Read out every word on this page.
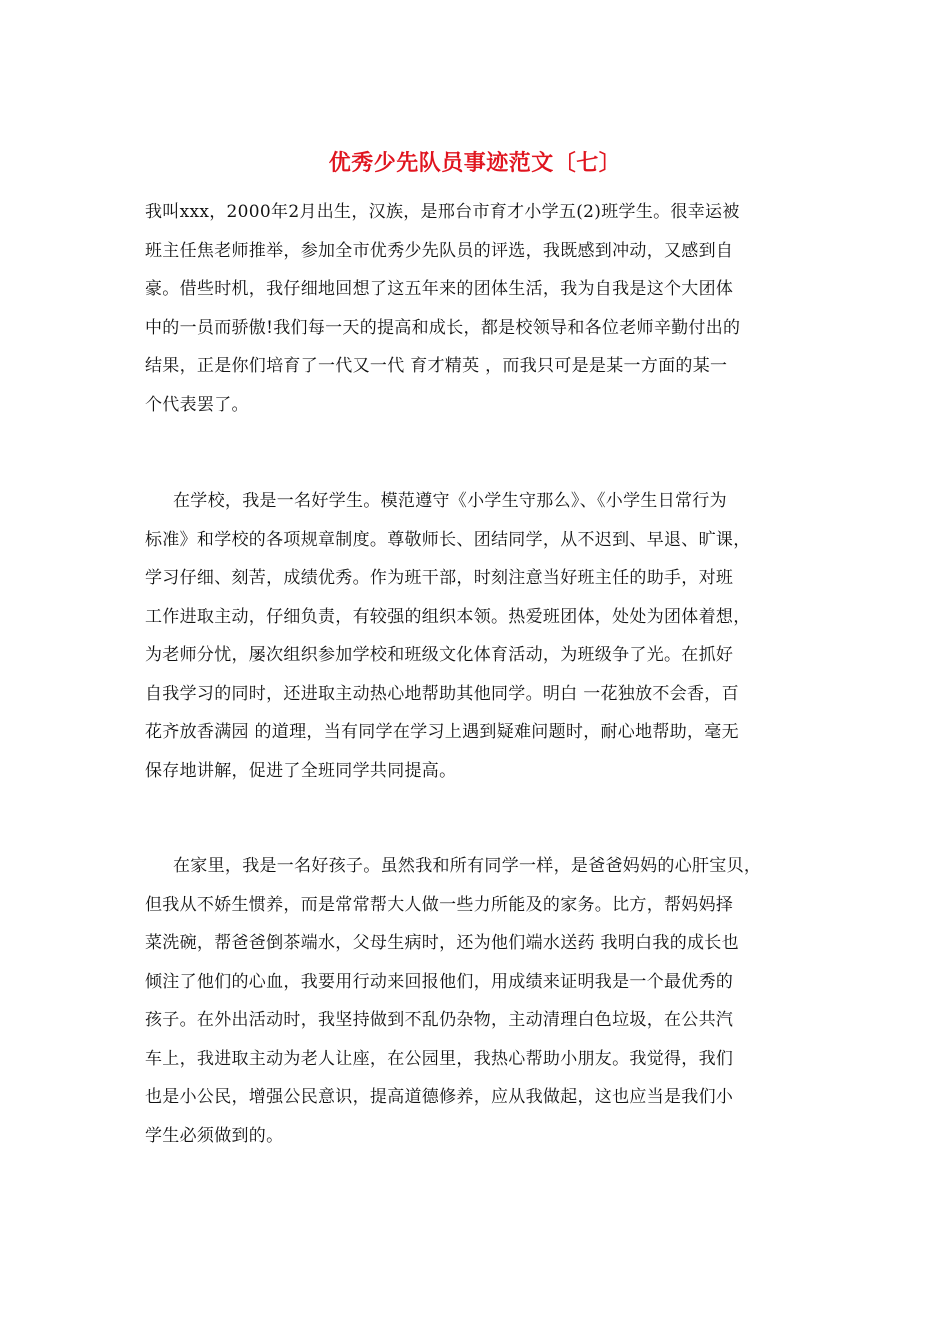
优秀少先队员事迹范文〔七〕
我叫xxx，2000年2月出生，汉族，是邢台市育才小学五(2)班学生。很幸运被
班主任焦老师推举，参加全市优秀少先队员的评选，我既感到冲动，又感到自
豪。借些时机，我仔细地回想了这五年来的团体生活，我为自我是这个大团体
中的一员而骄傲!我们每一天的提高和成长，都是校领导和各位老师辛勤付出的
结果，正是你们培育了一代又一代 育才精英 ，而我只可是是某一方面的某一
个代表罢了。
在学校，我是一名好学生。模范遵守《小学生守那么》、《小学生日常行为
标准》和学校的各项规章制度。尊敬师长、团结同学，从不迟到、早退、旷课，
学习仔细、刻苦，成绩优秀。作为班干部，时刻注意当好班主任的助手，对班
工作进取主动，仔细负责，有较强的组织本领。热爱班团体，处处为团体着想，
为老师分忧，屡次组织参加学校和班级文化体育活动，为班级争了光。在抓好
自我学习的同时，还进取主动热心地帮助其他同学。明白 一花独放不会香，百
花齐放香满园 的道理，当有同学在学习上遇到疑难问题时，耐心地帮助，毫无
保存地讲解，促进了全班同学共同提高。
在家里，我是一名好孩子。虽然我和所有同学一样，是爸爸妈妈的心肝宝贝，
但我从不娇生惯养，而是常常帮大人做一些力所能及的家务。比方，帮妈妈择
菜洗碗，帮爸爸倒茶端水，父母生病时，还为他们端水送药 我明白我的成长也
倾注了他们的心血，我要用行动来回报他们，用成绩来证明我是一个最优秀的
孩子。在外出活动时，我坚持做到不乱仍杂物，主动清理白色垃圾，在公共汽
车上，我进取主动为老人让座，在公园里，我热心帮助小朋友。我觉得，我们
也是小公民，增强公民意识，提高道德修养，应从我做起，这也应当是我们小
学生必须做到的。
